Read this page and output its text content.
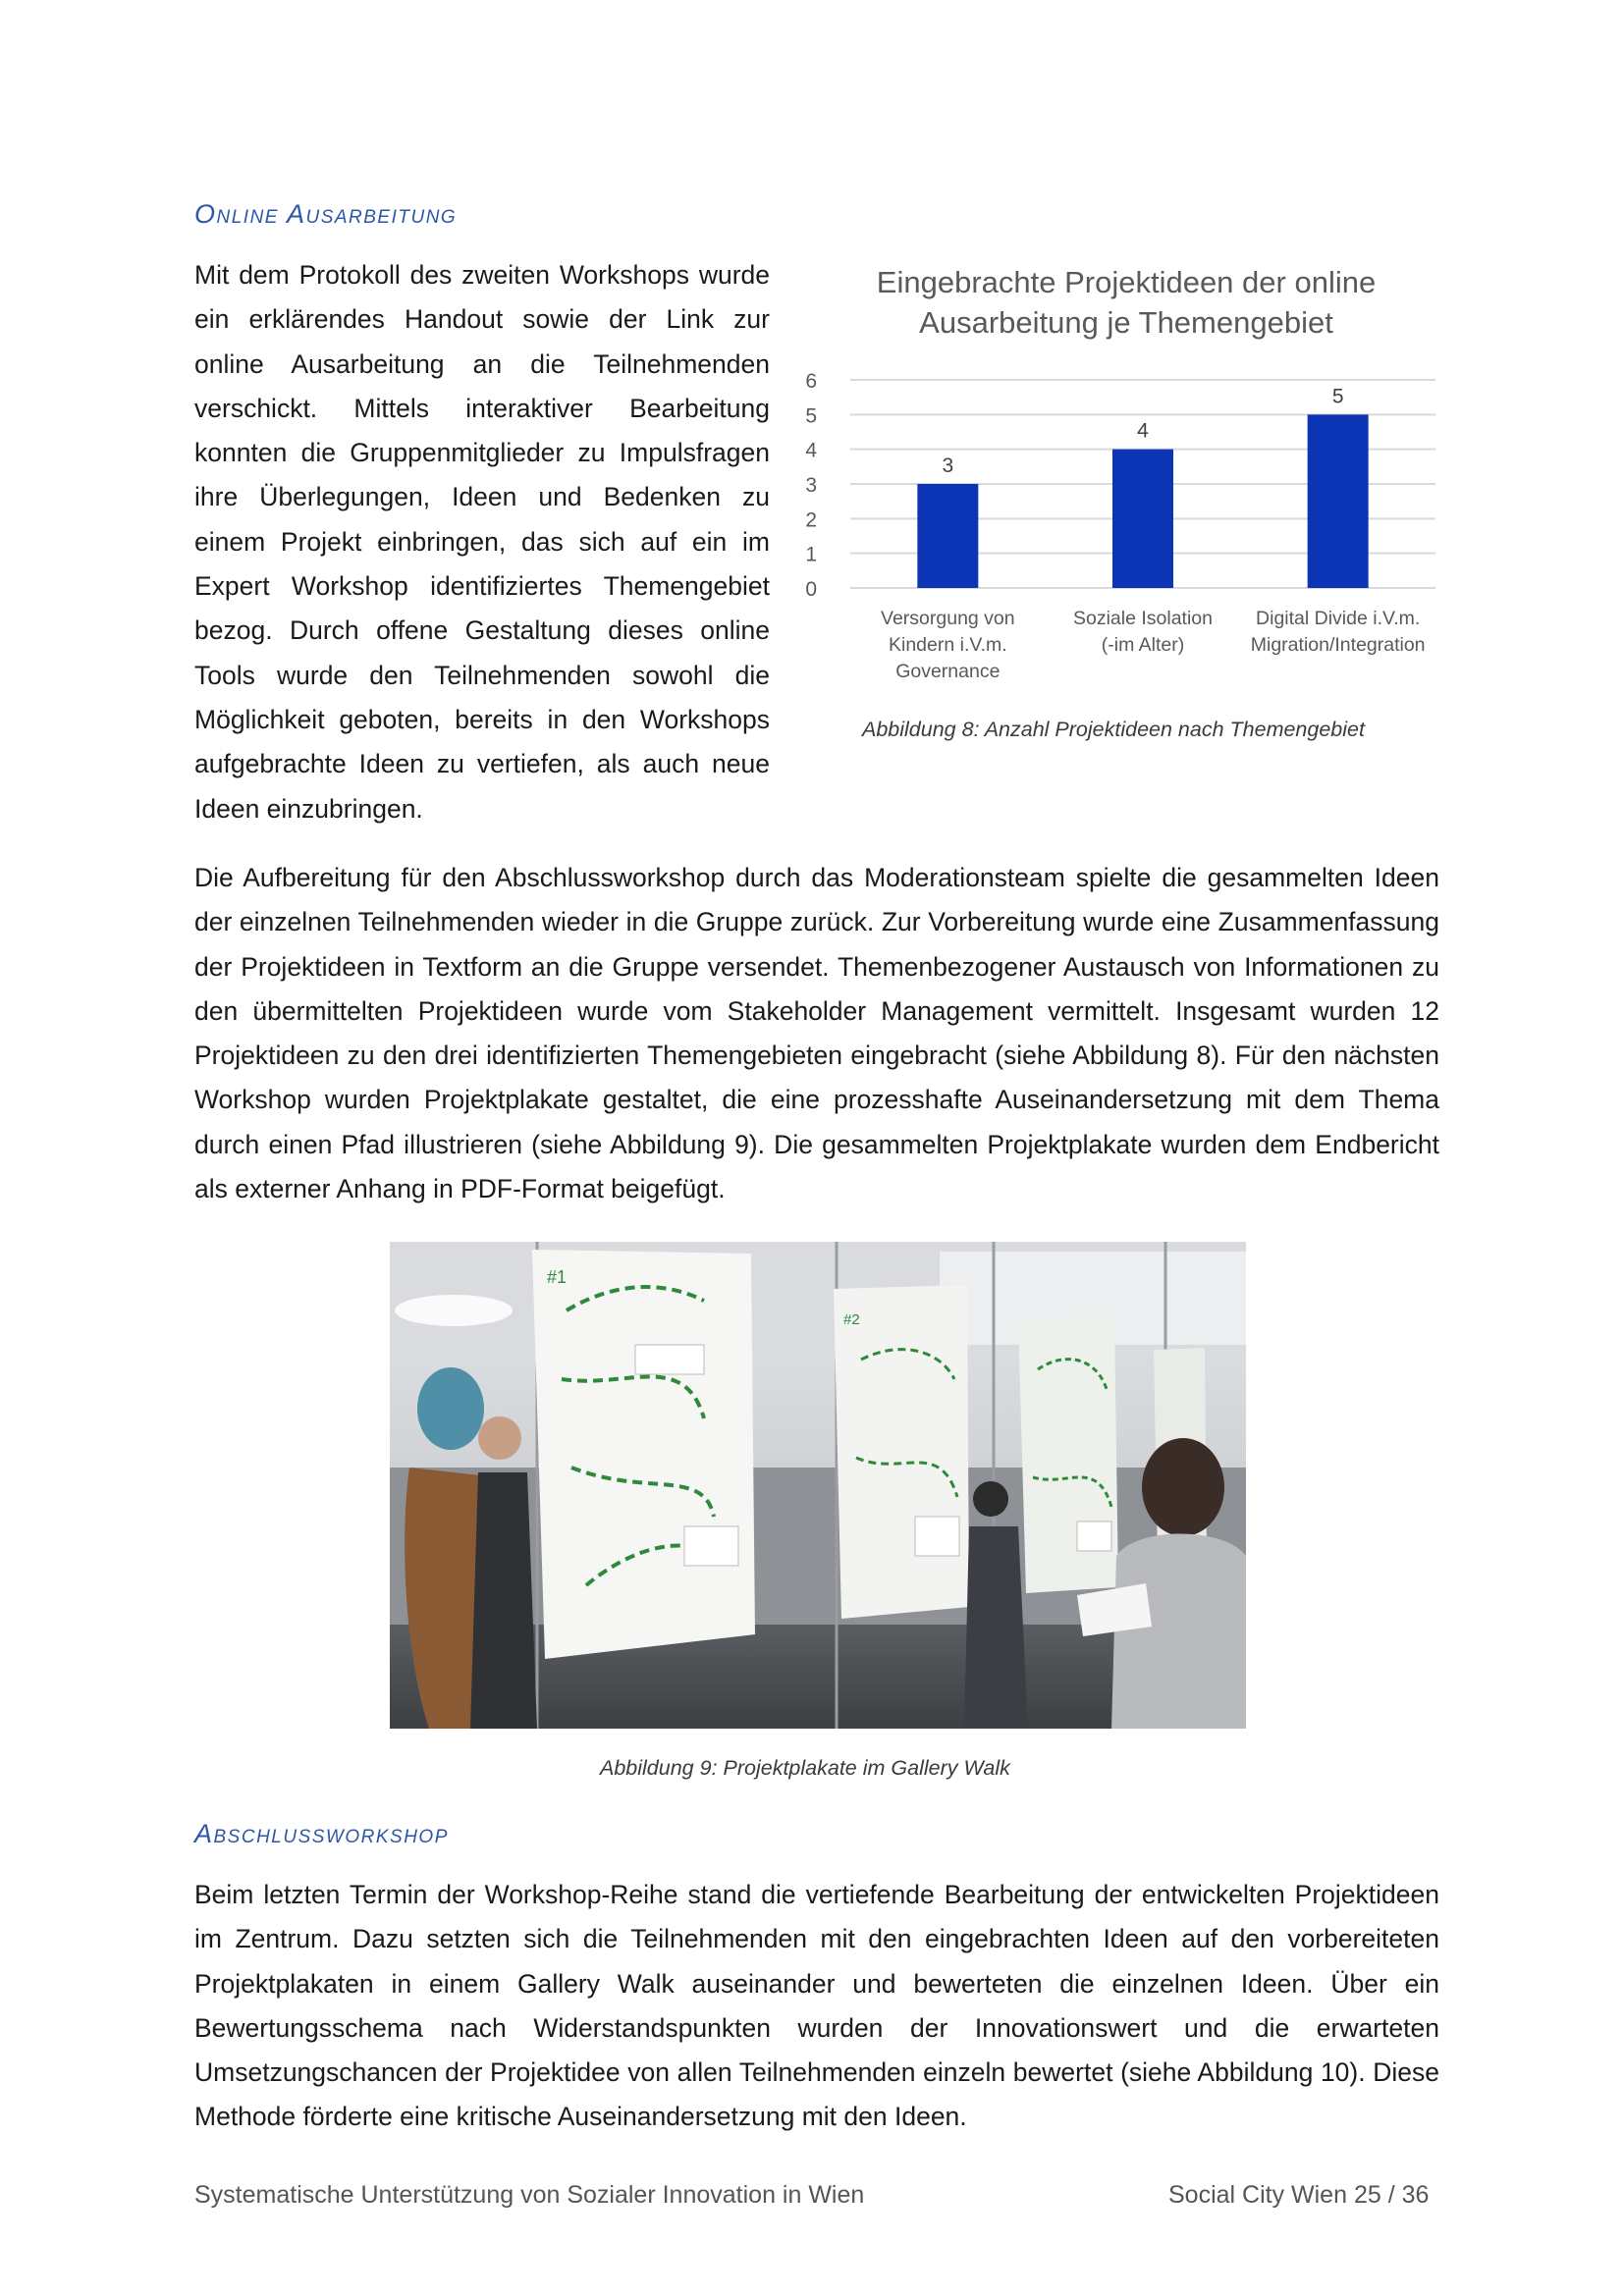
Online Ausarbeitung

Mit dem Protokoll des zweiten Workshops wurde ein erklärendes Handout sowie der Link zur online Ausarbeitung an die Teilnehmenden verschickt. Mittels interaktiver Bearbeitung konnten die Gruppenmitglieder zu Impulsfragen ihre Überlegungen, Ideen und Bedenken zu einem Projekt einbringen, das sich auf ein im Expert Workshop identifiziertes Themengebiet bezog. Durch offene Gestaltung dieses online Tools wurde den Teilnehmenden sowohl die Möglichkeit geboten, bereits in den Workshops aufgebrachte Ideen zu vertiefen, als auch neue Ideen einzubringen.

Eingebrachte Projektideen der online
Ausarbeitung je Themengebiet
0
1
2
3
4
5
6
3
4
5
Versorgung von
Kindern i.V.m.
Governance
Soziale Isolation
(-im Alter)
Digital Divide i.V.m.
Migration/Integration

Abbildung 8: Anzahl Projektideen nach Themengebiet

Die Aufbereitung für den Abschlussworkshop durch das Moderationsteam spielte die gesammelten Ideen der einzelnen Teilnehmenden wieder in die Gruppe zurück. Zur Vorbereitung wurde eine Zusammenfassung der Projektideen in Textform an die Gruppe versendet. Themenbezogener Austausch von Informationen zu den übermittelten Projektideen wurde vom Stakeholder Management vermittelt. Insgesamt wurden 12 Projektideen zu den drei identifizierten Themengebieten eingebracht (siehe Abbildung 8). Für den nächsten Workshop wurden Projektplakate gestaltet, die eine prozesshafte Auseinandersetzung mit dem Thema durch einen Pfad illustrieren (siehe Abbildung 9). Die gesammelten Projektplakate wurden dem Endbericht als externer Anhang in PDF-Format beigefügt.

#1
#2

Abbildung 9: Projektplakate im Gallery Walk

Abschlussworkshop

Beim letzten Termin der Workshop-Reihe stand die vertiefende Bearbeitung der entwickelten Projektideen im Zentrum. Dazu setzten sich die Teilnehmenden mit den eingebrachten Ideen auf den vorbereiteten Projektplakaten in einem Gallery Walk auseinander und bewerteten die einzelnen Ideen. Über ein Bewertungsschema nach Widerstandspunkten wurden der Innovationswert und die erwarteten Umsetzungschancen der Projektidee von allen Teilnehmenden einzeln bewertet (siehe Abbildung 10). Diese Methode förderte eine kritische Auseinandersetzung mit den Ideen.

Systematische Unterstützung von Sozialer Innovation in Wien	Social City Wien 25 / 36
